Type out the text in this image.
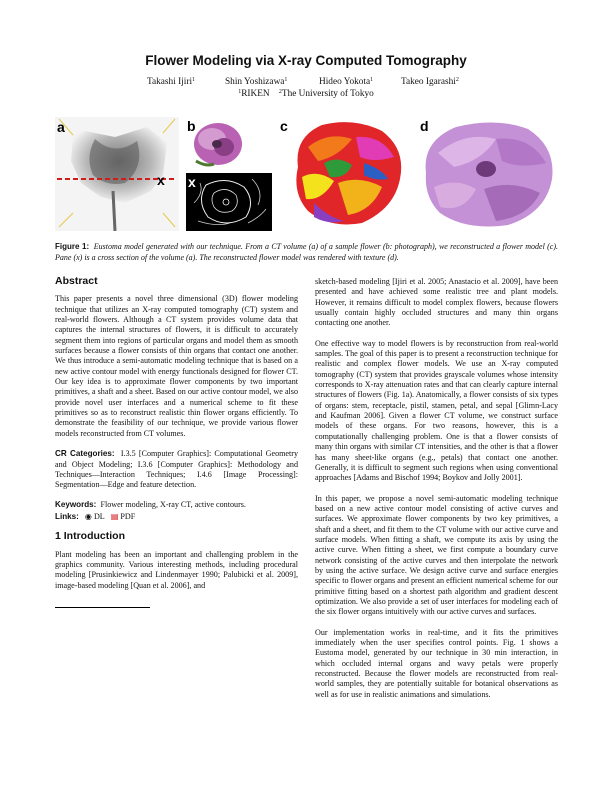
Flower Modeling via X-ray Computed Tomography
Takashi Ijiri$^1$	Shin Yoshizawa$^1$	Hideo Yokota$^1$	Takeo Igarashi$^2$
$^1$RIKEN $^2$The University of Tokyo
a
x
b
x
c	d
Figure 1: Eustoma model generated with our technique. From a CT volume (a) of a sample flower (b: photograph), we reconstructed a flower model (c). Pane (x) is a cross section of the volume (a). The reconstructed flower model was rendered with texture (d).
Abstract

This paper presents a novel three dimensional (3D) flower modeling technique that utilizes an X-ray computed tomography (CT) system and real-world flowers. Although a CT system provides volume data that captures the internal structures of flowers, it is difficult to accurately segment them into regions of particular organs and model them as smooth surfaces because a flower consists of thin organs that contact one another. We thus introduce a semi-automatic modeling technique that is based on a new active contour model with energy functionals designed for flower CT. Our key idea is to approximate flower components by two important primitives, a shaft and a sheet. Based on our active contour model, we also provide novel user interfaces and a numerical scheme to fit these primitives so as to reconstruct realistic thin flower organs efficiently. To demonstrate the feasibility of our technique, we provide various flower models reconstructed from CT volumes.

CR Categories: I.3.5 [Computer Graphics]: Computational Geometry and Object Modeling; I.3.6 [Computer Graphics]: Methodology and Techniques—Interaction Techniques; I.4.6 [Image Processing]: Segmentation—Edge and feature detection.

Keywords: Flower modeling, X-ray CT, active contours.

Links: ◉ DL ▤ PDF

1 Introduction

Plant modeling has been an important and challenging problem in the graphics community. Various interesting methods, including procedural modeling [Prusinkiewicz and Lindenmayer 1990; Palubicki et al. 2009], image-based modeling [Quan et al. 2006], and

sketch-based modeling [Ijiri et al. 2005; Anastacio et al. 2009], have been presented and have achieved some realistic tree and plant models. However, it remains difficult to model complex flowers, because flowers usually contain highly occluded structures and many thin organs contacting one another.

One effective way to model flowers is by reconstruction from real-world samples. The goal of this paper is to present a reconstruction technique for realistic and complex flower models. We use an X-ray computed tomography (CT) system that provides grayscale volumes whose intensity corresponds to X-ray attenuation rates and that can clearly capture internal structures of flowers (Fig. 1a). Anatomically, a flower consists of six types of organs: stem, receptacle, pistil, stamen, petal, and sepal [Glimn-Lacy and Kaufman 2006]. Given a flower CT volume, we construct surface models of these organs. For two reasons, however, this is a computationally challenging problem. One is that a flower consists of many thin organs with similar CT intensities, and the other is that a flower has many sheet-like organs (e.g., petals) that contact one another. Generally, it is difficult to segment such regions when using conventional approaches [Adams and Bischof 1994; Boykov and Jolly 2001].

In this paper, we propose a novel semi-automatic modeling technique based on a new active contour model consisting of active curves and surfaces. We approximate flower components by two key primitives, a shaft and a sheet, and fit them to the CT volume with our active curve and surface models. When fitting a shaft, we compute its axis by using the active curve. When fitting a sheet, we first compute a boundary curve network consisting of the active curves and then interpolate the network by using the active surface. We design active curve and surface energies specific to flower organs and present an efficient numerical scheme for our primitive fitting based on a shortest path algorithm and gradient descent optimization. We also provide a set of user interfaces for modeling each of the six flower organs intuitively with our active curves and surfaces.

Our implementation works in real-time, and it fits the primitives immediately when the user specifies control points. Fig. 1 shows a Eustoma model, generated by our technique in 30 min interaction, in which occluded internal organs and wavy petals were properly reconstructed. Because the flower models are reconstructed from real-world samples, they are potentially suitable for botanical observations as well as for use in realistic animations and simulations.
